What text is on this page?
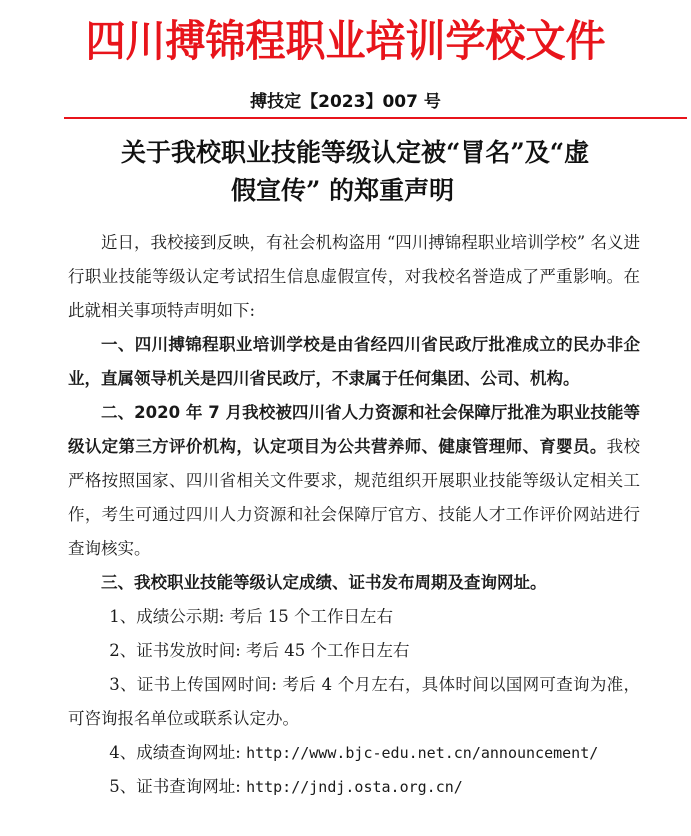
四川搏锦程职业培训学校文件
搏技定【2023】007 号
关于我校职业技能等级认定被“冒名”及“虚
假宣传” 的郑重声明

近日，我校接到反映，有社会机构盗用 “四川搏锦程职业培训学校” 名义进行职业技能等级认定考试招生信息虚假宣传，对我校名誉造成了严重影响。在此就相关事项特声明如下:

一、四川搏锦程职业培训学校是由省经四川省民政厅批准成立的民办非企业，直属领导机关是四川省民政厅，不隶属于任何集团、公司、机构。

二、2020 年 7 月我校被四川省人力资源和社会保障厅批准为职业技能等级认定第三方评价机构，认定项目为公共营养师、健康管理师、育婴员。我校严格按照国家、四川省相关文件要求，规范组织开展职业技能等级认定相关工作，考生可通过四川人力资源和社会保障厅官方、技能人才工作评价网站进行查询核实。

三、我校职业技能等级认定成绩、证书发布周期及查询网址。

1、成绩公示期: 考后 15 个工作日左右

2、证书发放时间: 考后 45 个工作日左右

3、证书上传国网时间: 考后 4 个月左右，具体时间以国网可查询为准，可咨询报名单位或联系认定办。

4、成绩查询网址: http://www.bjc-edu.net.cn/announcement/

5、证书查询网址: http://jndj.osta.org.cn/
